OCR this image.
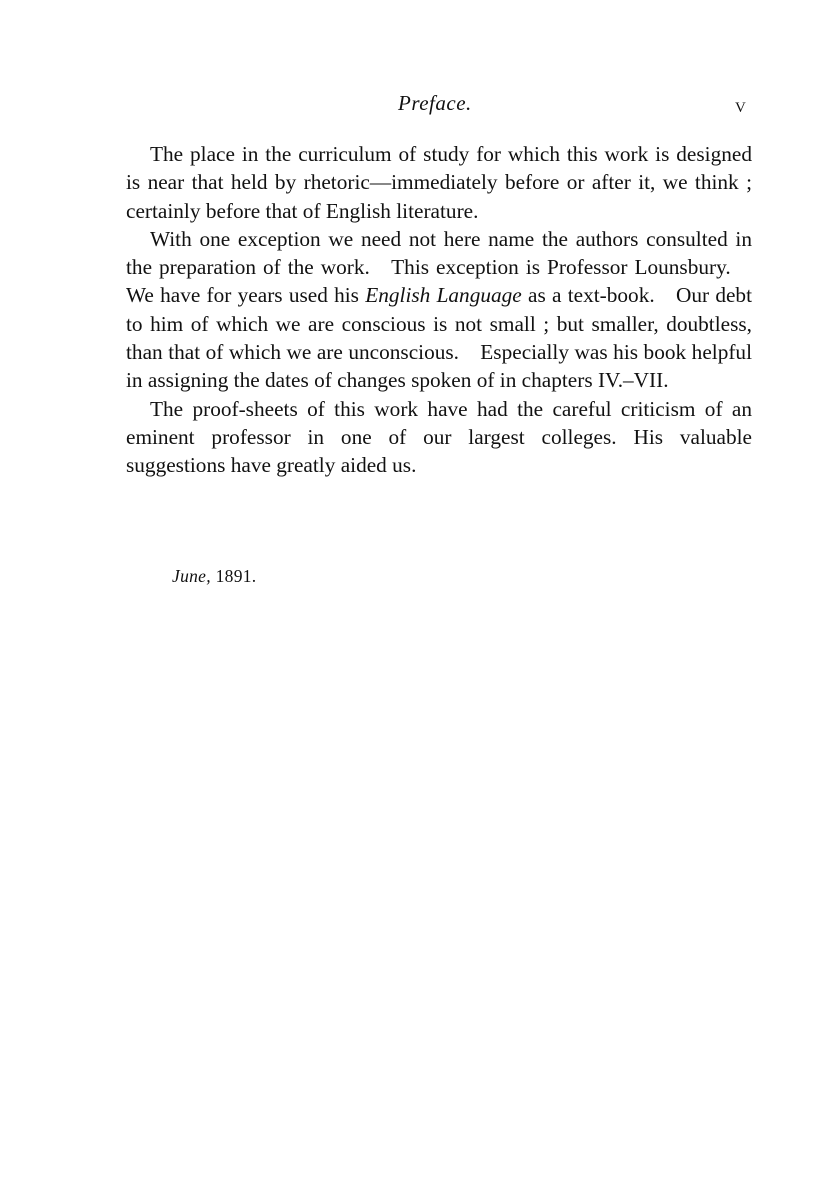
Preface.	v

The place in the curriculum of study for which this work is designed is near that held by rhetoric—immediately before or after it, we think ; certainly before that of English literature.

With one exception we need not here name the authors consulted in the preparation of the work. This exception is Professor Lounsbury. We have for years used his English Language as a text-book. Our debt to him of which we are conscious is not small ; but smaller, doubtless, than that of which we are unconscious. Especially was his book helpful in assigning the dates of changes spoken of in chapters IV.–VII.

The proof-sheets of this work have had the careful criticism of an eminent professor in one of our largest colleges. His valuable suggestions have greatly aided us.

June, 1891.
